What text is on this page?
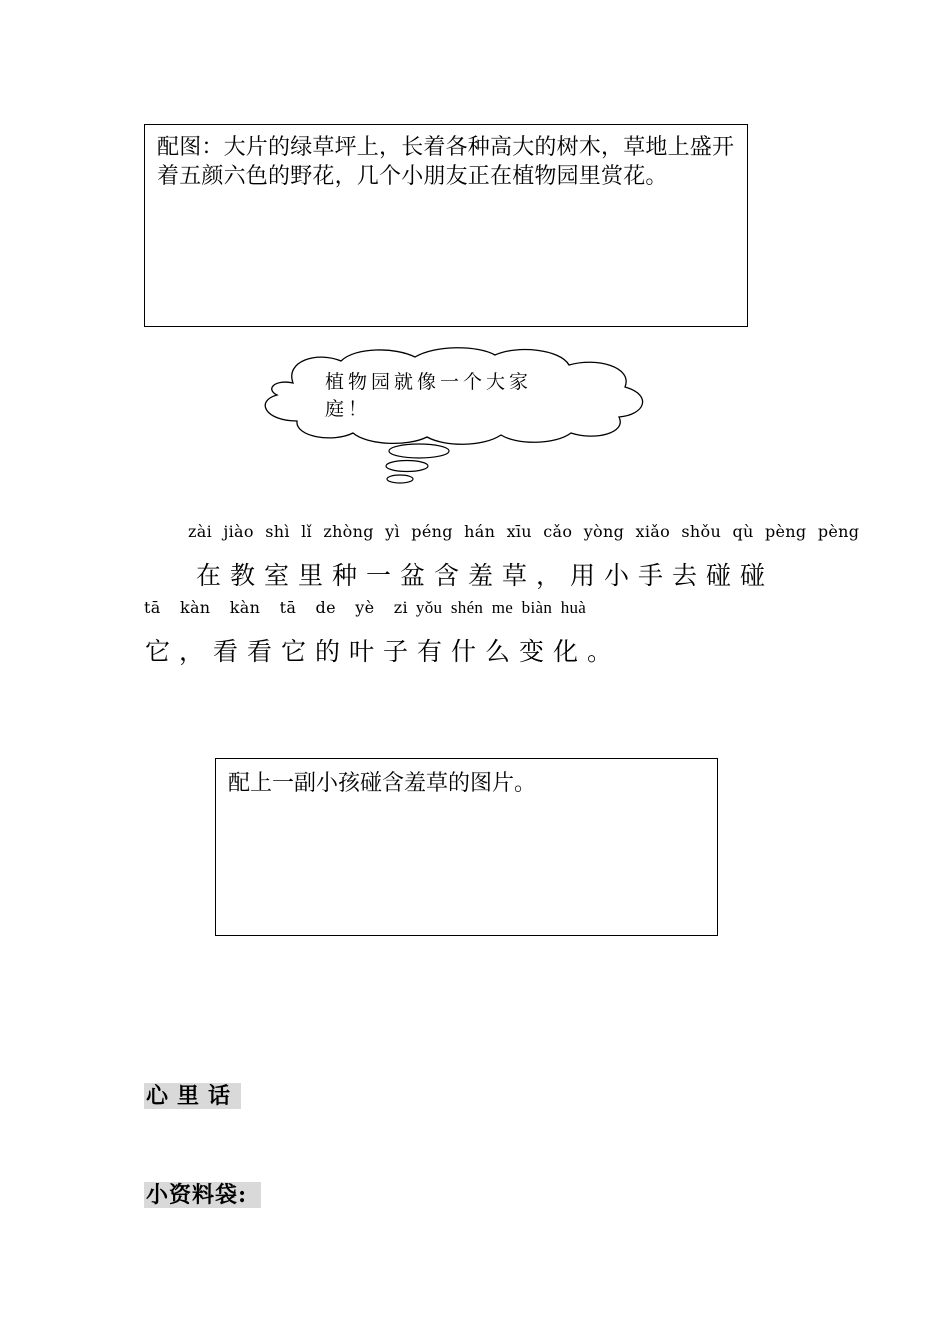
配图：大片的绿草坪上，长着各种高大的树木，草地上盛开着五颜六色的野花，几个小朋友正在植物园里赏花。
植物园就像一个大家庭！
zài jiào shì lǐ zhòng yì péng hán xīu cǎo yòng xiǎo shǒu qù pèng pèng
在教室里种一盆含羞草，用小手去碰碰
tā kàn kàn tā de yè zi yǒu shén me biàn huà
它，看看它的叶子有什么变化。
配上一副小孩碰含羞草的图片。
心里话
小资料袋:
